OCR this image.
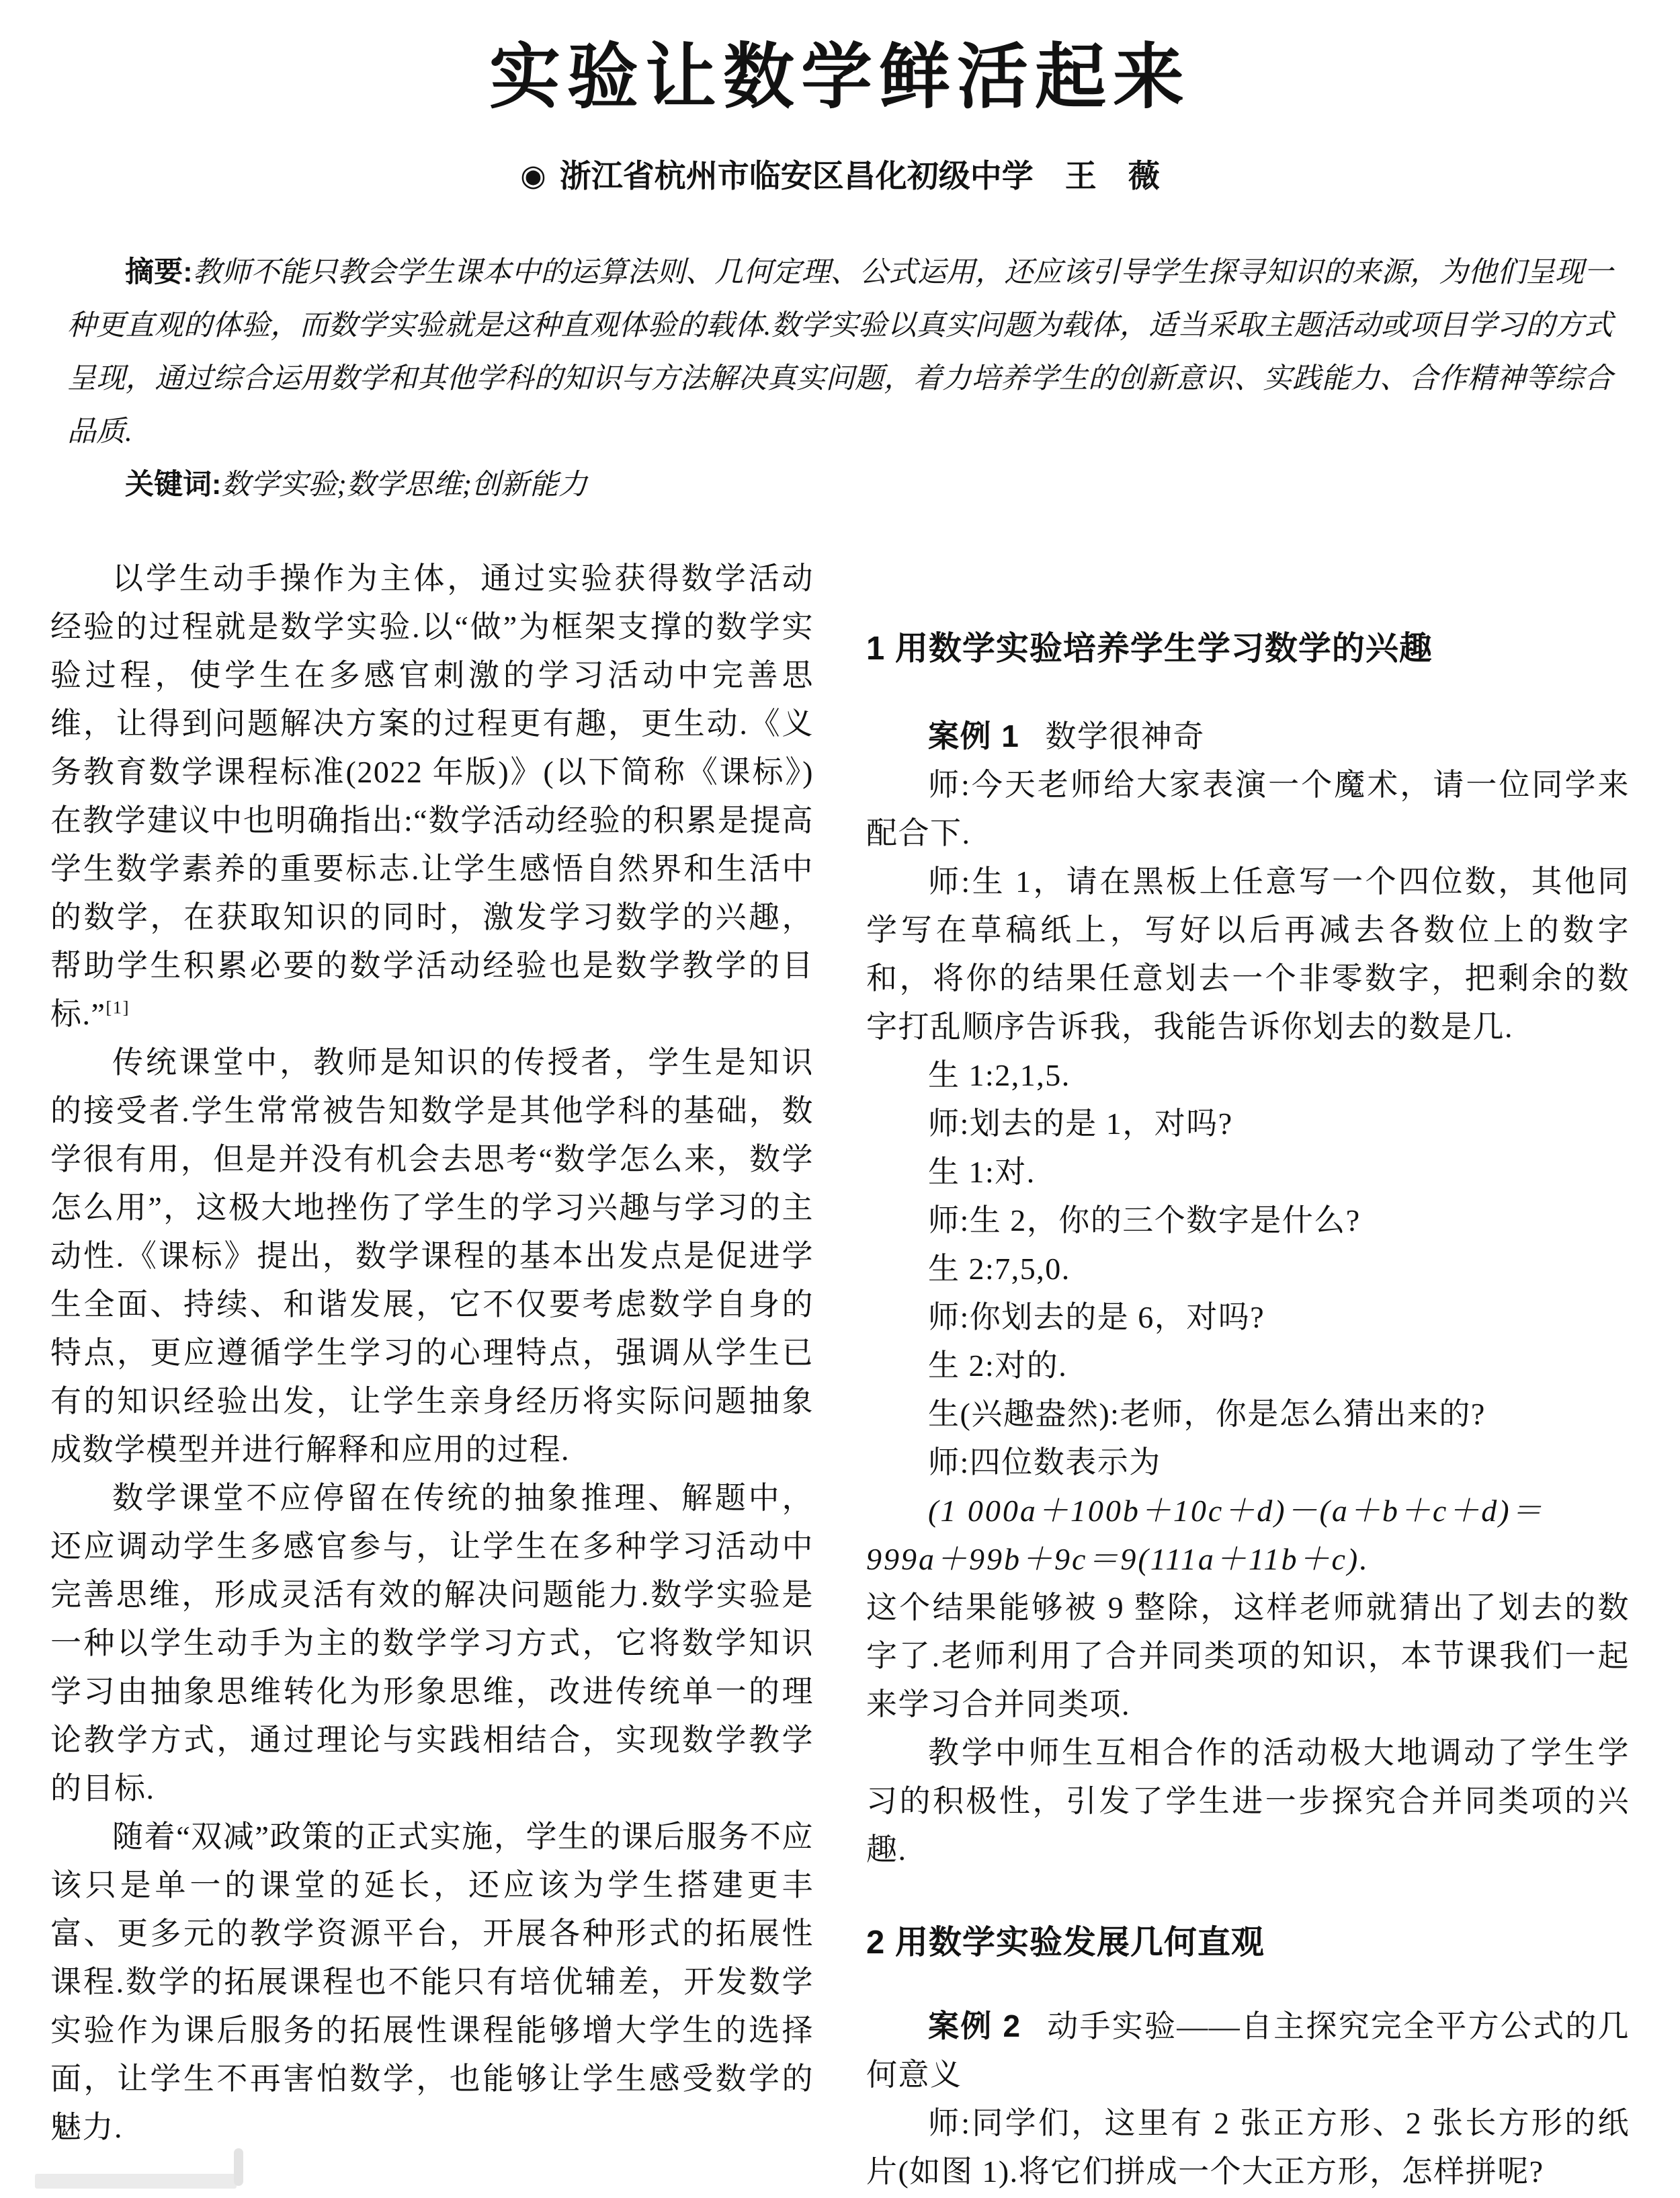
实验让数学鲜活起来
◉ 浙江省杭州市临安区昌化初级中学　王　薇

摘要:教师不能只教会学生课本中的运算法则、几何定理、公式运用，还应该引导学生探寻知识的来源，为他们呈现一种更直观的体验，而数学实验就是这种直观体验的载体.数学实验以真实问题为载体，适当采取主题活动或项目学习的方式呈现，通过综合运用数学和其他学科的知识与方法解决真实问题，着力培养学生的创新意识、实践能力、合作精神等综合品质.

关键词:数学实验;数学思维;创新能力

以学生动手操作为主体，通过实验获得数学活动经验的过程就是数学实验.以“做”为框架支撑的数学实验过程，使学生在多感官刺激的学习活动中完善思维，让得到问题解决方案的过程更有趣，更生动.《义务教育数学课程标准(2022 年版)》(以下简称《课标》)在教学建议中也明确指出:“数学活动经验的积累是提高学生数学素养的重要标志.让学生感悟自然界和生活中的数学，在获取知识的同时，激发学习数学的兴趣，帮助学生积累必要的数学活动经验也是数学教学的目标.”[1]

传统课堂中，教师是知识的传授者，学生是知识的接受者.学生常常被告知数学是其他学科的基础，数学很有用，但是并没有机会去思考“数学怎么来，数学怎么用”，这极大地挫伤了学生的学习兴趣与学习的主动性.《课标》提出，数学课程的基本出发点是促进学生全面、持续、和谐发展，它不仅要考虑数学自身的特点，更应遵循学生学习的心理特点，强调从学生已有的知识经验出发，让学生亲身经历将实际问题抽象成数学模型并进行解释和应用的过程.

数学课堂不应停留在传统的抽象推理、解题中，还应调动学生多感官参与，让学生在多种学习活动中完善思维，形成灵活有效的解决问题能力.数学实验是一种以学生动手为主的数学学习方式，它将数学知识学习由抽象思维转化为形象思维，改进传统单一的理论教学方式，通过理论与实践相结合，实现数学教学的目标.

随着“双减”政策的正式实施，学生的课后服务不应该只是单一的课堂的延长，还应该为学生搭建更丰富、更多元的教学资源平台，开展各种形式的拓展性课程.数学的拓展课程也不能只有培优辅差，开发数学实验作为课后服务的拓展性课程能够增大学生的选择面，让学生不再害怕数学，也能够让学生感受数学的魅力.

1 用数学实验培养学生学习数学的兴趣

案例 1 数学很神奇

师:今天老师给大家表演一个魔术，请一位同学来配合下.

师:生 1，请在黑板上任意写一个四位数，其他同学写在草稿纸上，写好以后再减去各数位上的数字和，将你的结果任意划去一个非零数字，把剩余的数字打乱顺序告诉我，我能告诉你划去的数是几.

生 1:2,1,5.

师:划去的是 1，对吗?

生 1:对.

师:生 2，你的三个数字是什么?

生 2:7,5,0.

师:你划去的是 6，对吗?

生 2:对的.

生(兴趣盎然):老师，你是怎么猜出来的?

师:四位数表示为

(1 000a＋100b＋10c＋d)－(a＋b＋c＋d)＝

999a＋99b＋9c＝9(111a＋11b＋c).

这个结果能够被 9 整除，这样老师就猜出了划去的数字了.老师利用了合并同类项的知识，本节课我们一起来学习合并同类项.

教学中师生互相合作的活动极大地调动了学生学习的积极性，引发了学生进一步探究合并同类项的兴趣.

2 用数学实验发展几何直观

案例 2 动手实验——自主探究完全平方公式的几何意义

师:同学们，这里有 2 张正方形、2 张长方形的纸片(如图 1).将它们拼成一个大正方形，怎样拼呢?
